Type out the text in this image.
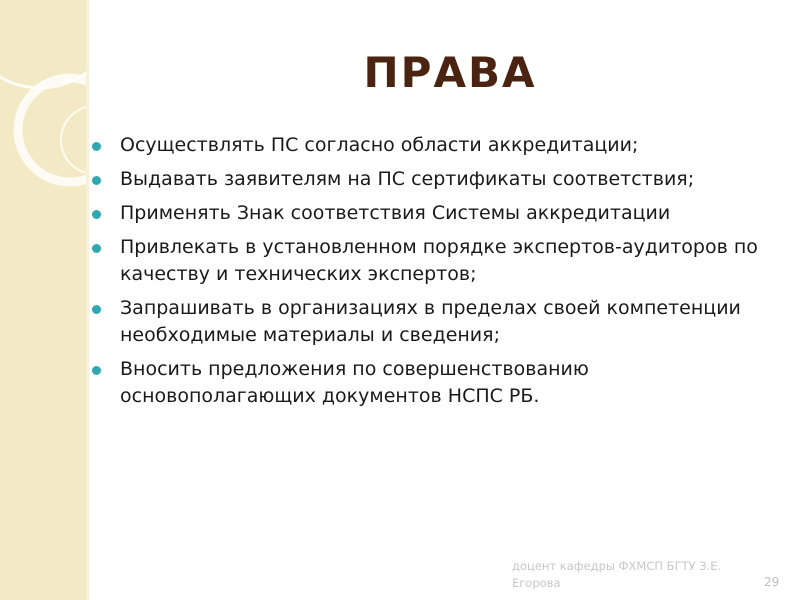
ПРАВА
Осуществлять ПС согласно области аккредитации;
Выдавать заявителям на ПС сертификаты соответствия;
Применять Знак соответствия Системы аккредитации
Привлекать в установленном порядке экспертов-аудиторов по качеству и технических экспертов;
Запрашивать в организациях в пределах своей компетенции необходимые материалы и сведения;
Вносить предложения по совершенствованию основополагающих документов НСПС РБ.
доцент кафедры ФХМСП БГТУ З.Е. Егорова	29
